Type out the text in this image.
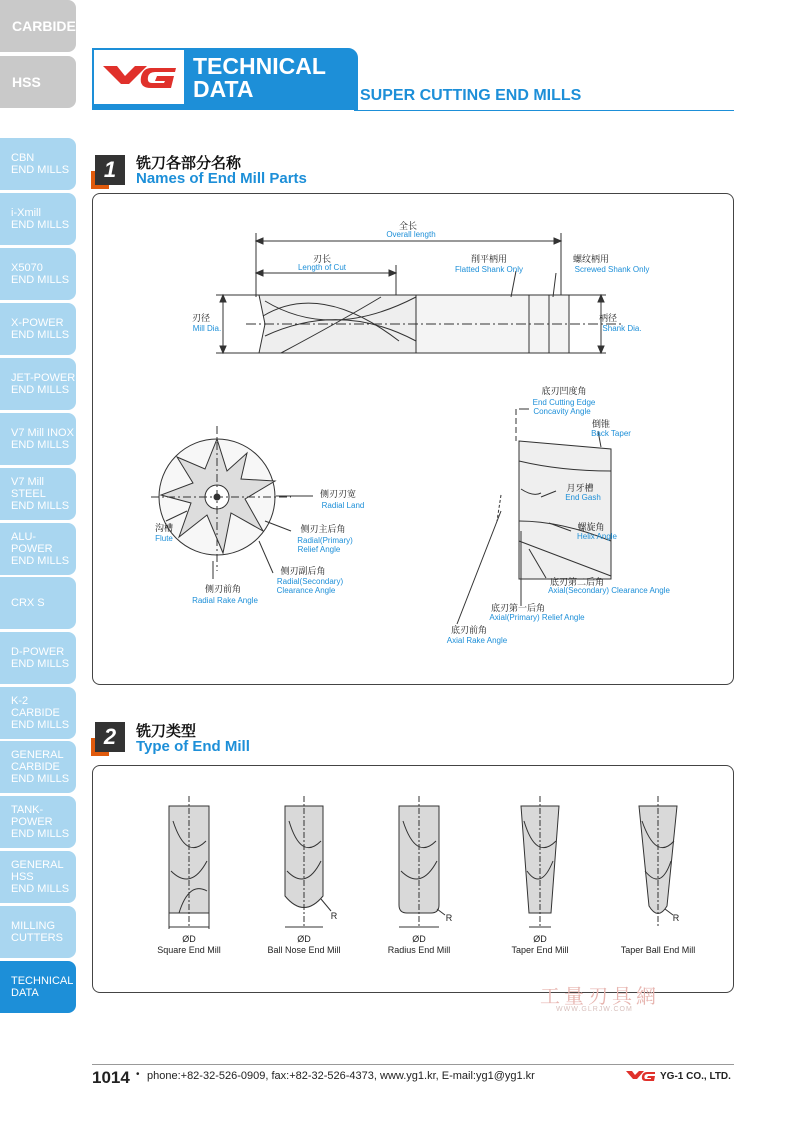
CARBIDE
HSS
CBN
END MILLS
i-Xmill
END MILLS
X5070
END MILLS
X-POWER
END MILLS
JET-POWER
END MILLS
V7 Mill INOX
END MILLS
V7 Mill STEEL
END MILLS
ALU-POWER
END MILLS
CRX S
D-POWER
END MILLS
K-2 CARBIDE
END MILLS
GENERAL
CARBIDE
END MILLS
TANK-POWER
END MILLS
GENERAL
HSS
END MILLS
MILLING
CUTTERS
TECHNICAL
DATA
TECHNICAL DATA	SUPER CUTTING END MILLS
1	铣刀各部分名称
Names of End Mill Parts
全长
Overall length
刃长
Length of Cut
削平柄用
Flatted Shank Only
螺纹柄用
Screwed Shank Only
刃径
Mill Dia.
柄径
Shank Dia.
侧刃刃宽
Radial Land
侧刃主后角
Radial(Primary)
Relief Angle
侧刃副后角
Radial(Secondary)
Clearance Angle
沟槽
Flute
侧刃前角
Radial Rake Angle
底刃凹度角
End Cutting Edge
Concavity Angle
倒锥
Back Taper
月牙槽
End Gash
螺旋角
Helix Angle
底刃第二后角
Axial(Secondary) Clearance Angle
底刃第一后角
Axial(Primary) Relief Angle
底刃前角
Axial Rake Angle
2	铣刀类型
Type of End Mill
ØD
Square End Mill
ØD
R
Ball Nose End Mill
ØD
R
Radius End Mill
ØD
Taper End Mill
R
Taper Ball End Mill
工量刃具網
WWW.GLRJW.COM
1014 • phone:+82-32-526-0909, fax:+82-32-526-4373, www.yg1.kr, E-mail:yg1@yg1.kr	YG-1 CO., LTD.
